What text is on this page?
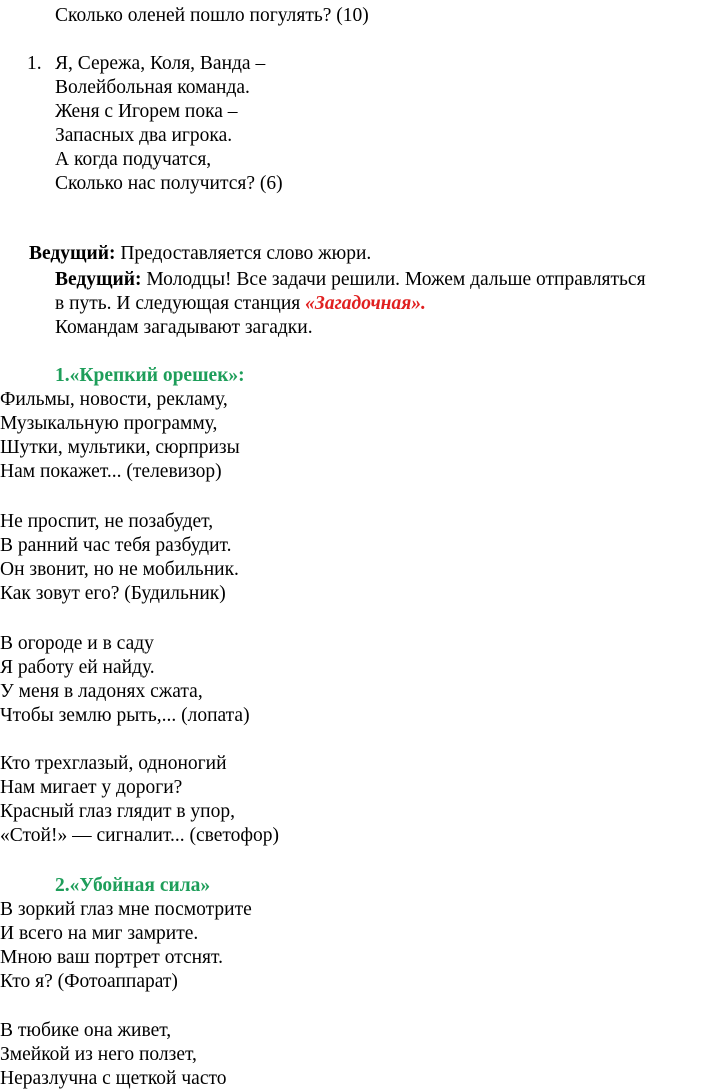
Сколько оленей пошло погулять? (10)
1. Я, Сережа, Коля, Ванда –
Волейбольная команда.
Женя с Игорем пока –
Запасных два игрока.
А когда подучатся,
Сколько нас получится? (6)
Ведущий: Предоставляется слово жюри.
Ведущий: Молодцы! Все задачи решили. Можем дальше отправляться
в путь. И следующая станция «Загадочная».
Командам загадывают загадки.
1.«Крепкий орешек»:
Фильмы, новости, рекламу,
Музыкальную программу,
Шутки, мультики, сюрпризы
Нам покажет... (телевизор)
Не проспит, не позабудет,
В ранний час тебя разбудит.
Он звонит, но не мобильник.
Как зовут его? (Будильник)
В огороде и в саду
Я работу ей найду.
У меня в ладонях сжата,
Чтобы землю рыть,... (лопата)
Кто трехглазый, одноногий
Нам мигает у дороги?
Красный глаз глядит в упор,
«Стой!» — сигналит... (светофор)
2.«Убойная сила»
В зоркий глаз мне посмотрите
И всего на миг замрите.
Мною ваш портрет отснят.
Кто я? (Фотоаппарат)
В тюбике она живет,
Змейкой из него ползет,
Неразлучна с щеткой часто
